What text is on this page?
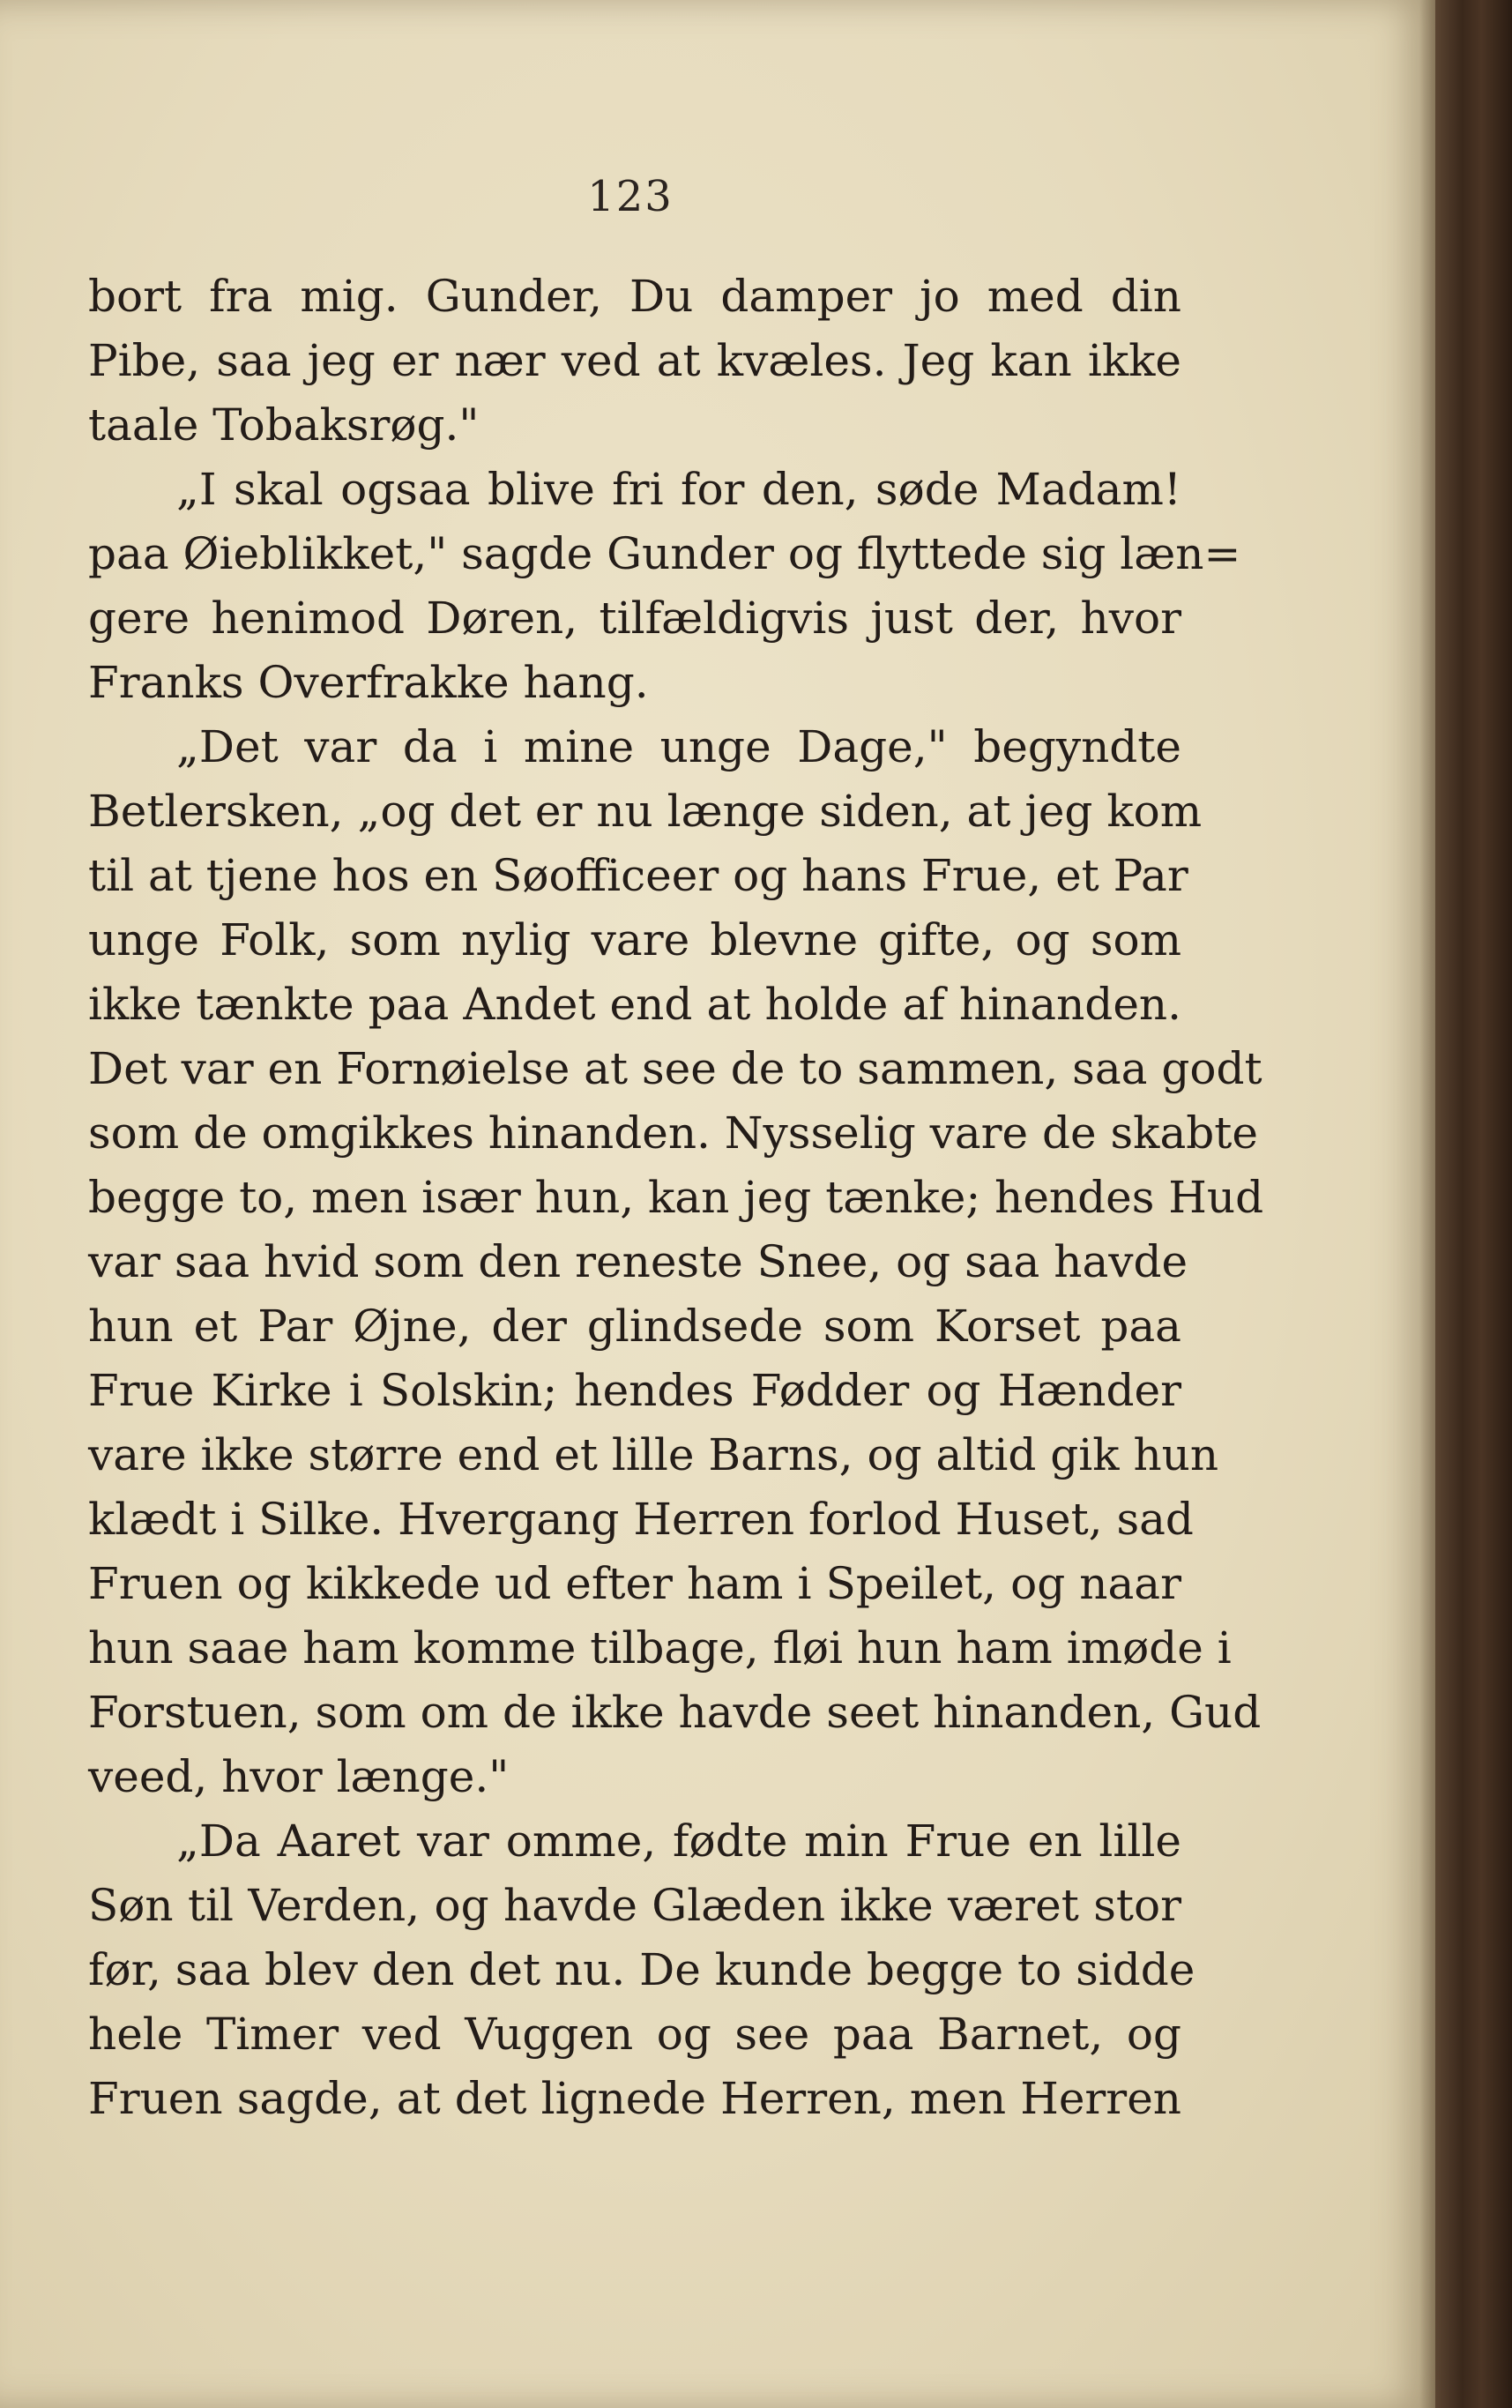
123
bort fra mig. Gunder, Du damper jo med din
Pibe, saa jeg er nær ved at kvæles. Jeg kan ikke
taale Tobaksrøg."
„I skal ogsaa blive fri for den, søde Madam!
paa Øieblikket," sagde Gunder og flyttede sig læn=
gere henimod Døren, tilfældigvis just der, hvor
Franks Overfrakke hang.
„Det var da i mine unge Dage," begyndte
Betlersken, „og det er nu længe siden, at jeg kom
til at tjene hos en Søofficeer og hans Frue, et Par
unge Folk, som nylig vare blevne gifte, og som
ikke tænkte paa Andet end at holde af hinanden.
Det var en Fornøielse at see de to sammen, saa godt
som de omgikkes hinanden. Nysselig vare de skabte
begge to, men især hun, kan jeg tænke; hendes Hud
var saa hvid som den reneste Snee, og saa havde
hun et Par Øjne, der glindsede som Korset paa
Frue Kirke i Solskin; hendes Fødder og Hænder
vare ikke større end et lille Barns, og altid gik hun
klædt i Silke. Hvergang Herren forlod Huset, sad
Fruen og kikkede ud efter ham i Speilet, og naar
hun saae ham komme tilbage, fløi hun ham imøde i
Forstuen, som om de ikke havde seet hinanden, Gud
veed, hvor længe."
„Da Aaret var omme, fødte min Frue en lille
Søn til Verden, og havde Glæden ikke været stor
før, saa blev den det nu. De kunde begge to sidde
hele Timer ved Vuggen og see paa Barnet, og
Fruen sagde, at det lignede Herren, men Herren
